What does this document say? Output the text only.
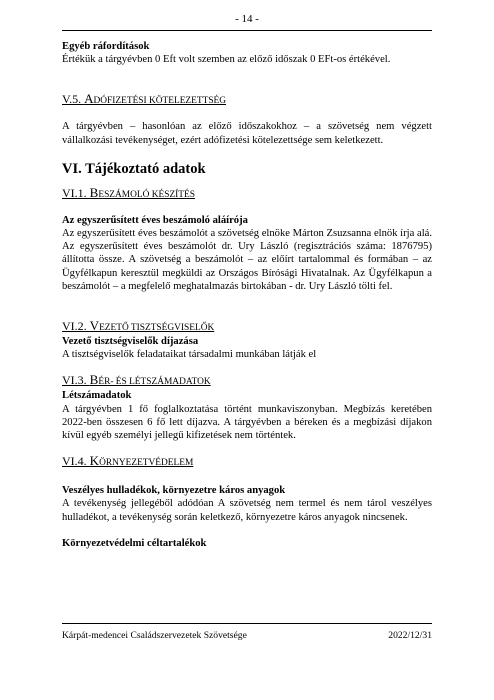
- 14 -

Egyéb ráfordítások

Értékük a tárgyévben 0 Eft volt szemben az előző időszak 0 EFt-os értékével.

V.5. ADÓFIZETÉSI KÖTELEZETTSÉG

A tárgyévben – hasonlóan az előző időszakokhoz – a szövetség nem végzett vállalkozási tevékenységet, ezért adófizetési kötelezettsége sem keletkezett.

VI. Tájékoztató adatok

VI.1. BESZÁMOLÓ KÉSZÍTÉS

Az egyszerűsített éves beszámoló aláírója

Az egyszerűsített éves beszámolót a szövetség elnöke Márton Zsuzsanna elnök írja alá. Az egyszerűsített éves beszámolót dr. Ury László (regisztrációs száma: 1876795) állította össze. A szövetség a beszámolót – az előírt tartalommal és formában – az Ügyfélkapun keresztül megküldi az Országos Bírósági Hivatalnak. Az Ügyfélkapun a beszámolót – a megfelelő meghatalmazás birtokában - dr. Ury László tölti fel.

VI.2. VEZETŐ TISZTSÉGVISELŐK

Vezető tisztségviselők díjazása

A tisztségviselők feladataikat társadalmi munkában látják el

VI.3. BÉR- ÉS LÉTSZÁMADATOK

Létszámadatok

A tárgyévben 1 fő foglalkoztatása történt munkaviszonyban. Megbízás keretében 2022-ben összesen 6 fő lett díjazva. A tárgyévben a béreken és a megbízási díjakon kívül egyéb személyi jellegű kifizetések nem történtek.

VI.4. KÖRNYEZETVÉDELEM

Veszélyes hulladékok, környezetre káros anyagok

A tevékenység jellegéből adódóan A szövetség nem termel és nem tárol veszélyes hulladékot, a tevékenység során keletkező, környezetre káros anyagok nincsenek.

Környezetvédelmi céltartalékok

Kárpát-medencei Családszervezetek Szövetsége	2022/12/31
